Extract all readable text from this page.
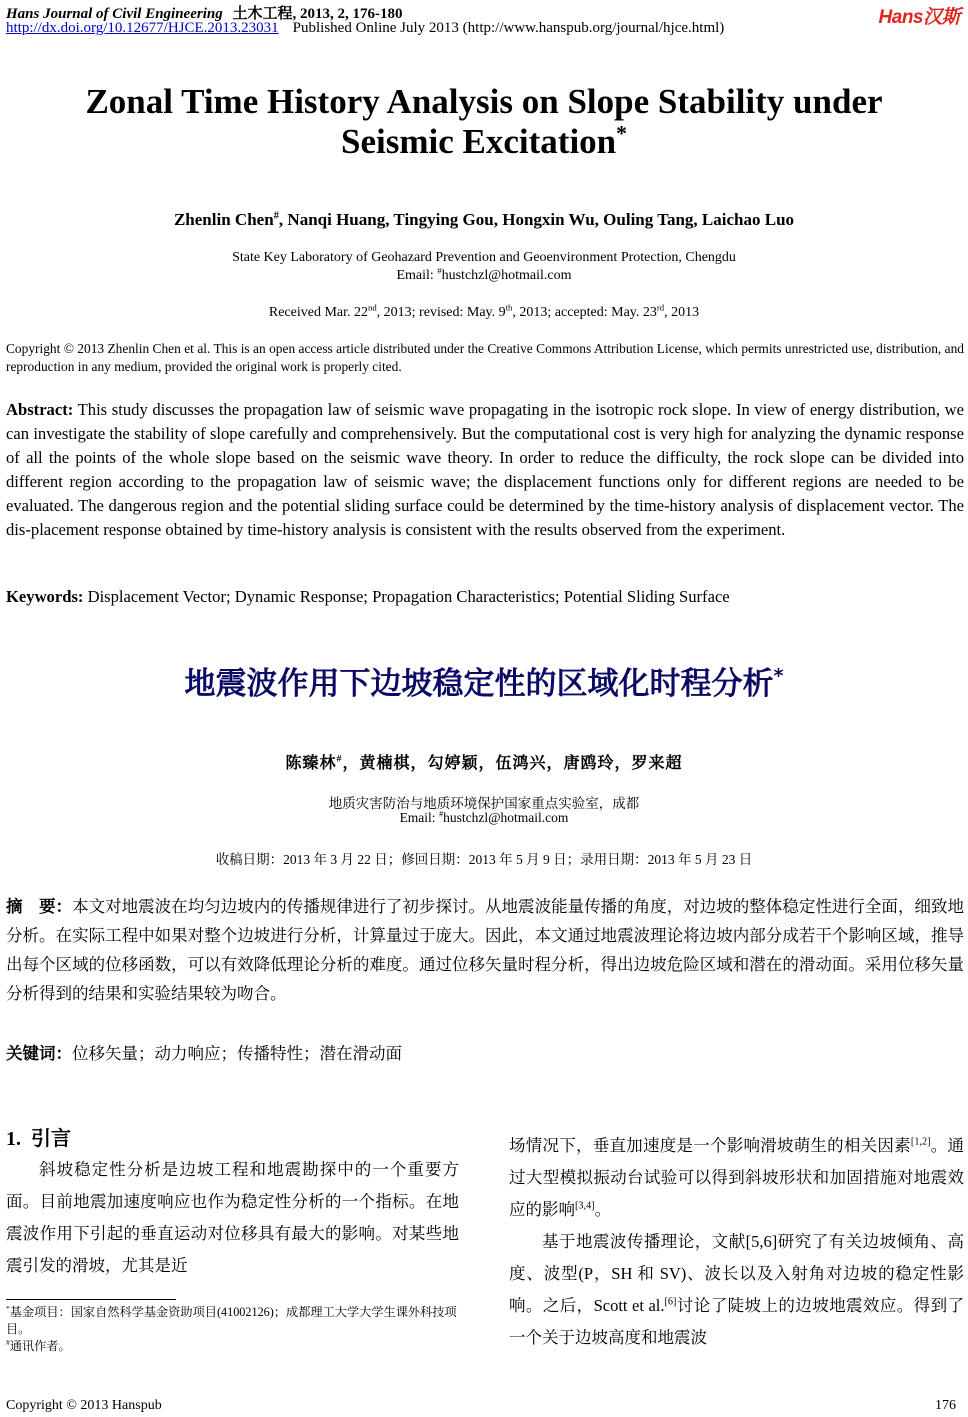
Hans Journal of Civil Engineering 土木工程, 2013, 2, 176-180
http://dx.doi.org/10.12677/HJCE.2013.23031 Published Online July 2013 (http://www.hanspub.org/journal/hjce.html)	Hans汉斯
Zonal Time History Analysis on Slope Stability under
Seismic Excitation*
Zhenlin Chen#, Nanqi Huang, Tingying Gou, Hongxin Wu, Ouling Tang, Laichao Luo
State Key Laboratory of Geohazard Prevention and Geoenvironment Protection, Chengdu
Email: #hustchzl@hotmail.com
Received Mar. 22nd, 2013; revised: May. 9th, 2013; accepted: May. 23rd, 2013
Copyright © 2013 Zhenlin Chen et al. This is an open access article distributed under the Creative Commons Attribution License, which permits unrestricted use, distribution, and reproduction in any medium, provided the original work is properly cited.
Abstract: This study discusses the propagation law of seismic wave propagating in the isotropic rock slope. In view of energy distribution, we can investigate the stability of slope carefully and comprehensively. But the computational cost is very high for analyzing the dynamic response of all the points of the whole slope based on the seismic wave theory. In order to reduce the difficulty, the rock slope can be divided into different region according to the propagation law of seismic wave; the displacement functions only for different regions are needed to be evaluated. The dangerous region and the potential sliding surface could be determined by the time-history analysis of displacement vector. The dis-placement response obtained by time-history analysis is consistent with the results observed from the experiment.
Keywords: Displacement Vector; Dynamic Response; Propagation Characteristics; Potential Sliding Surface
地震波作用下边坡稳定性的区域化时程分析*
陈臻林#，黄楠棋，勾婷颖，伍鸿兴，唐鸥玲，罗来超
地质灾害防治与地质环境保护国家重点实验室，成都
Email: #hustchzl@hotmail.com
收稿日期：2013 年 3 月 22 日；修回日期：2013 年 5 月 9 日；录用日期：2013 年 5 月 23 日
摘　要：本文对地震波在均匀边坡内的传播规律进行了初步探讨。从地震波能量传播的角度，对边坡的整体稳定性进行全面，细致地分析。在实际工程中如果对整个边坡进行分析，计算量过于庞大。因此，本文通过地震波理论将边坡内部分成若干个影响区域，推导出每个区域的位移函数，可以有效降低理论分析的难度。通过位移矢量时程分析，得出边坡危险区域和潜在的滑动面。采用位移矢量分析得到的结果和实验结果较为吻合。
关键词：位移矢量；动力响应；传播特性；潜在滑动面
1. 引言

斜坡稳定性分析是边坡工程和地震勘探中的一个重要方面。目前地震加速度响应也作为稳定性分析的一个指标。在地震波作用下引起的垂直运动对位移具有最大的影响。对某些地震引发的滑坡，尤其是近

场情况下，垂直加速度是一个影响滑坡萌生的相关因素[1,2]。通过大型模拟振动台试验可以得到斜坡形状和加固措施对地震效应的影响[3,4]。

基于地震波传播理论，文献[5,6]研究了有关边坡倾角、高度、波型(P，SH 和 SV)、波长以及入射角对边坡的稳定性影响。之后，Scott et al.[6]讨论了陡坡上的边坡地震效应。得到了一个关于边坡高度和地震波

*基金项目：国家自然科学基金资助项目(41002126)；成都理工大学大学生课外科技项目。
#通讯作者。
Copyright © 2013 Hanspub	176
